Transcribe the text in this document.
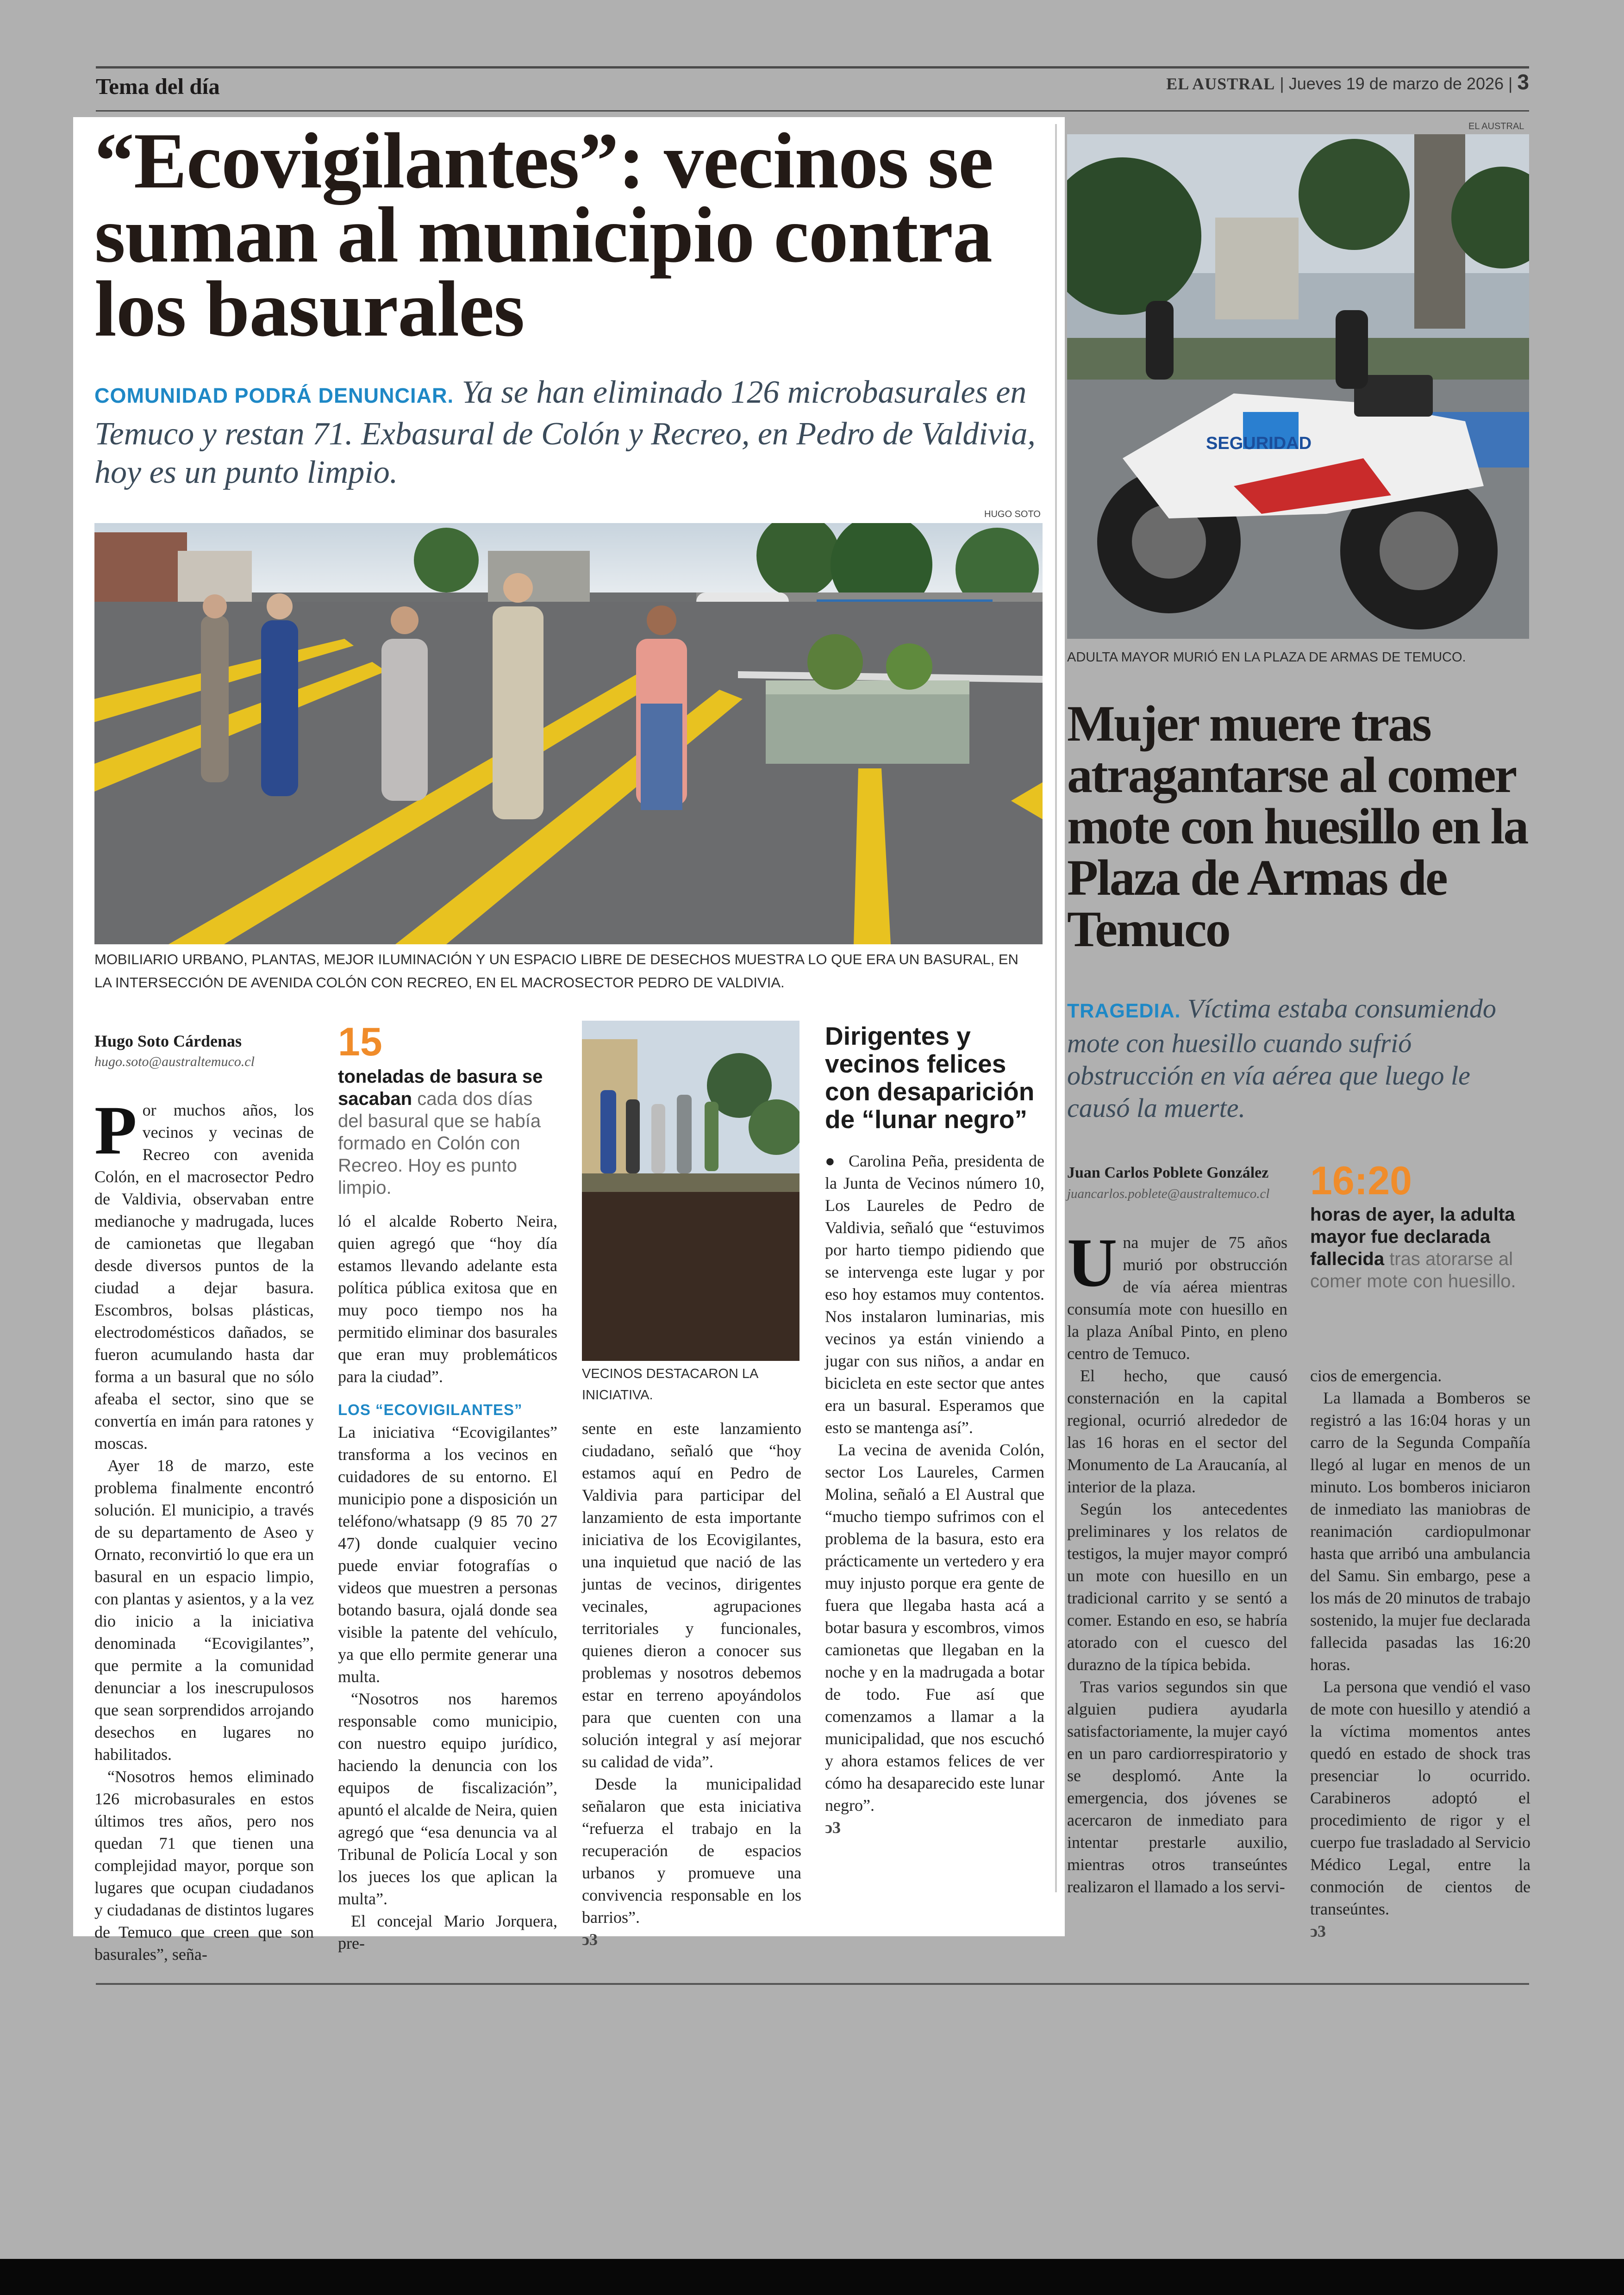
Tema del día	EL AUSTRAL | Jueves 19 de marzo de 2026 | 3
“Ecovigilantes”: vecinos se suman al municipio contra los basurales
COMUNIDAD PODRÁ DENUNCIAR. Ya se han eliminado 126 microbasurales en Temuco y restan 71. Exbasural de Colón y Recreo, en Pedro de Valdivia, hoy es un punto limpio.
HUGO SOTO
MOBILIARIO URBANO, PLANTAS, MEJOR ILUMINACIÓN Y UN ESPACIO LIBRE DE DESECHOS MUESTRA LO QUE ERA UN BASURAL, EN LA INTERSECCIÓN DE AVENIDA COLÓN CON RECREO, EN EL MACROSECTOR PEDRO DE VALDIVIA.
Hugo Soto Cárdenas
hugo.soto@australtemuco.cl
P or muchos años, los vecinos y vecinas de Recreo con avenida Colón, en el macrosector Pedro de Valdivia, observaban entre medianoche y madrugada, luces de camionetas que llegaban desde diversos puntos de la ciudad a dejar basura. Escombros, bolsas plásticas, electrodomésticos dañados, se fueron acumulando hasta dar forma a un basural que no sólo afeaba el sector, sino que se convertía en imán para ratones y moscas.

Ayer 18 de marzo, este problema finalmente encontró solución. El municipio, a través de su departamento de Aseo y Ornato, reconvirtió lo que era un basural en un espacio limpio, con plantas y asientos, y a la vez dio inicio a la iniciativa denominada “Ecovigilantes”, que permite a la comunidad denunciar a los inescrupulosos que sean sorprendidos arrojando desechos en lugares no habilitados.

“Nosotros hemos eliminado 126 microbasurales en estos últimos tres años, pero nos quedan 71 que tienen una complejidad mayor, porque son lugares que ocupan ciudadanos y ciudadanas de distintos lugares de Temuco que creen que son basurales”, seña-

15
toneladas de basura se sacaban cada dos días del basural que se había formado en Colón con Recreo. Hoy es punto limpio.

ló el alcalde Roberto Neira, quien agregó que “hoy día estamos llevando adelante esta política pública exitosa que en muy poco tiempo nos ha permitido eliminar dos basurales que eran muy problemáticos para la ciudad”.

LOS “ECOVIGILANTES”

La iniciativa “Ecovigilantes” transforma a los vecinos en cuidadores de su entorno. El municipio pone a disposición un teléfono/whatsapp (9 85 70 27 47) donde cualquier vecino puede enviar fotografías o videos que muestren a personas botando basura, ojalá donde sea visible la patente del vehículo, ya que ello permite generar una multa.

“Nosotros nos haremos responsable como municipio, con nuestro equipo jurídico, haciendo la denuncia con los equipos de fiscalización”, apuntó el alcalde de Neira, quien agregó que “esa denuncia va al Tribunal de Policía Local y son los jueces los que aplican la multa”.

El concejal Mario Jorquera, pre-

VECINOS DESTACARON LA INICIATIVA.

sente en este lanzamiento ciudadano, señaló que “hoy estamos aquí en Pedro de Valdivia para participar del lanzamiento de esta importante iniciativa de los Ecovigilantes, una inquietud que nació de las juntas de vecinos, dirigentes vecinales, agrupaciones territoriales y funcionales, quienes dieron a conocer sus problemas y nosotros debemos estar en terreno apoyándolos para que cuenten con una solución integral y así mejorar su calidad de vida”.

Desde la municipalidad señalaron que esta iniciativa “refuerza el trabajo en la recuperación de espacios urbanos y promueve una convivencia responsable en los barrios”.

ↄ3
Dirigentes y vecinos felices con desaparición de “lunar negro”

●  Carolina Peña, presidenta de la Junta de Vecinos número 10, Los Laureles de Pedro de Valdivia, señaló que “estuvimos por harto tiempo pidiendo que se intervenga este lugar y por eso hoy estamos muy contentos. Nos instalaron luminarias, mis vecinos ya están viniendo a jugar con sus niños, a andar en bicicleta en este sector que antes era un basural. Esperamos que esto se mantenga así”.

La vecina de avenida Colón, sector Los Laureles, Carmen Molina, señaló a El Austral que “mucho tiempo sufrimos con el problema de la basura, esto era prácticamente un vertedero y era muy injusto porque era gente de fuera que llegaba hasta acá a botar basura y escombros, vimos camionetas que llegaban en la noche y en la madrugada a botar de todo. Fue así que comenzamos a llamar a la municipalidad, que nos escuchó y ahora estamos felices de ver cómo ha desaparecido este lunar negro”.

ↄ3
EL AUSTRAL
SEGURIDAD
ADULTA MAYOR MURIÓ EN LA PLAZA DE ARMAS DE TEMUCO.
Mujer muere tras atragantarse al comer mote con huesillo en la Plaza de Armas de Temuco
TRAGEDIA. Víctima estaba consumiendo mote con huesillo cuando sufrió obstrucción en vía aérea que luego le causó la muerte.
Juan Carlos Poblete González
juancarlos.poblete@australtemuco.cl 16:20
horas de ayer, la adulta mayor fue declarada fallecida tras atorarse al comer mote con huesillo.
U na mujer de 75 años murió por obstrucción de vía aérea mientras consumía mote con huesillo en la plaza Aníbal Pinto, en pleno centro de Temuco.

El hecho, que causó consternación en la capital regional, ocurrió alrededor de las 16 horas en el sector del Monumento de La Araucanía, al interior de la plaza.

Según los antecedentes preliminares y los relatos de testigos, la mujer mayor compró un mote con huesillo en un tradicional carrito y se sentó a comer. Estando en eso, se habría atorado con el cuesco del durazno de la típica bebida.

Tras varios segundos sin que alguien pudiera ayudarla satisfactoriamente, la mujer cayó en un paro cardiorrespiratorio y se desplomó. Ante la emergencia, dos jóvenes se acercaron de inmediato para intentar prestarle auxilio, mientras otros transeúntes realizaron el llamado a los servi-

cios de emergencia.

La llamada a Bomberos se registró a las 16:04 horas y un carro de la Segunda Compañía llegó al lugar en menos de un minuto. Los bomberos iniciaron de inmediato las maniobras de reanimación cardiopulmonar hasta que arribó una ambulancia del Samu. Sin embargo, pese a los más de 20 minutos de trabajo sostenido, la mujer fue declarada fallecida pasadas las 16:20 horas.

La persona que vendió el vaso de mote con huesillo y atendió a la víctima momentos antes quedó en estado de shock tras presenciar lo ocurrido. Carabineros adoptó el procedimiento de rigor y el cuerpo fue trasladado al Servicio Médico Legal, entre la conmoción de cientos de transeúntes.

ↄ3
